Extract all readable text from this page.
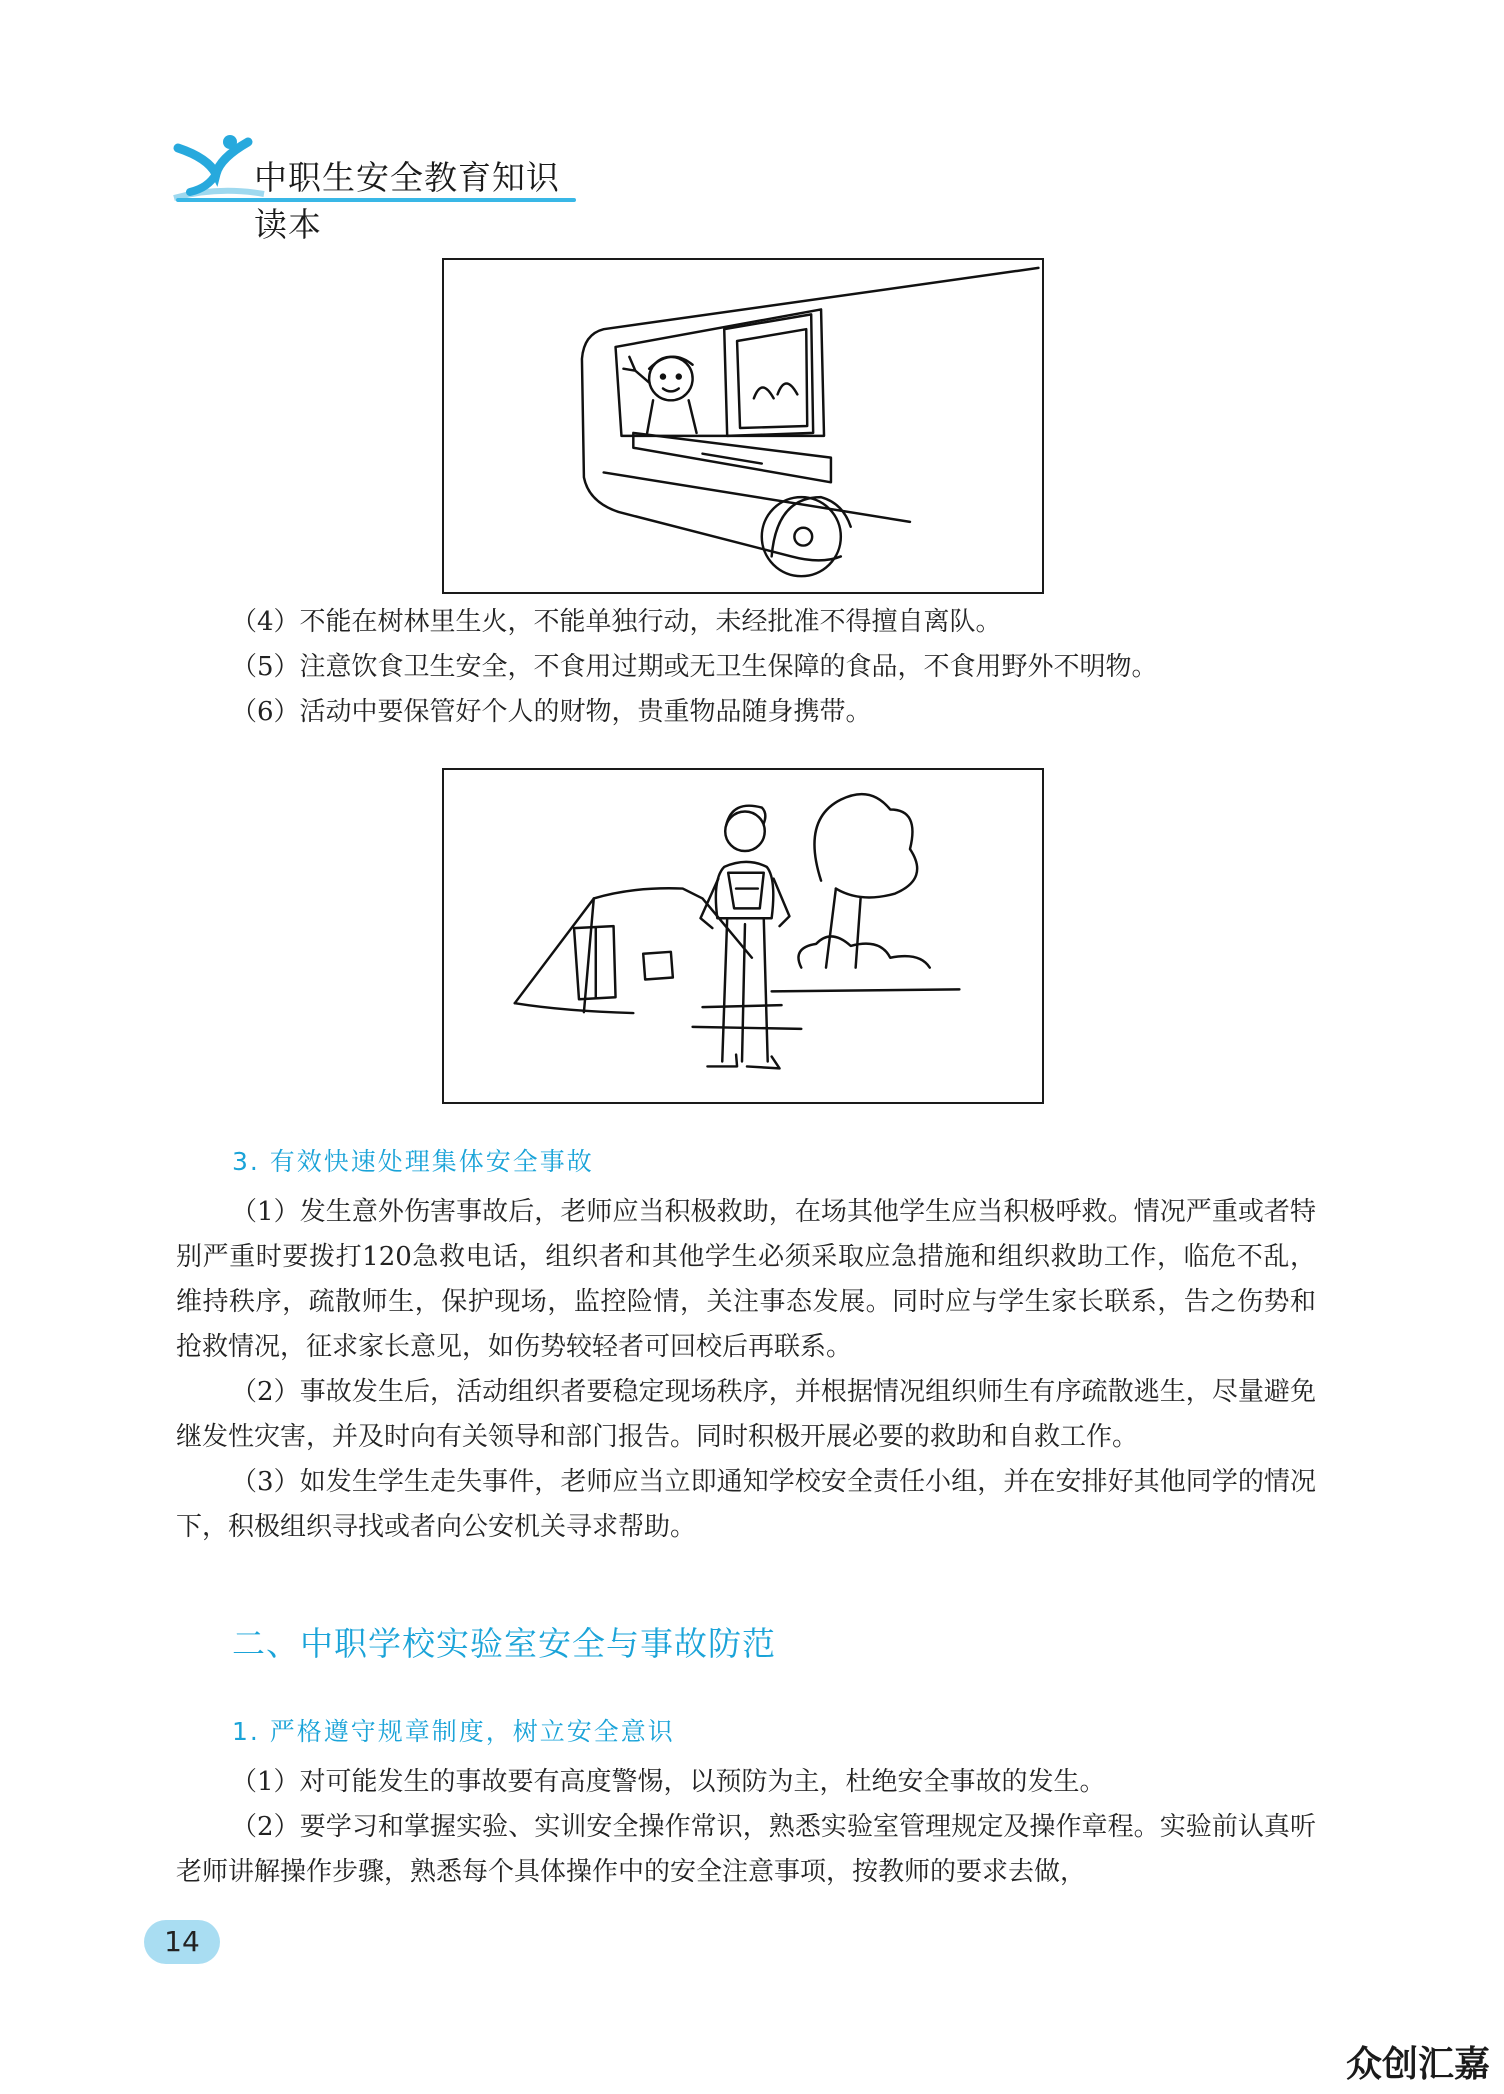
中职生安全教育知识读本
（4）不能在树林里生火，不能单独行动，未经批准不得擅自离队。
（5）注意饮食卫生安全，不食用过期或无卫生保障的食品，不食用野外不明物。
（6）活动中要保管好个人的财物，贵重物品随身携带。
3. 有效快速处理集体安全事故
（1）发生意外伤害事故后，老师应当积极救助，在场其他学生应当积极呼救。情况严重或者特别严重时要拨打120急救电话，组织者和其他学生必须采取应急措施和组织救助工作，临危不乱，维持秩序，疏散师生，保护现场，监控险情，关注事态发展。同时应与学生家长联系，告之伤势和抢救情况，征求家长意见，如伤势较轻者可回校后再联系。
（2）事故发生后，活动组织者要稳定现场秩序，并根据情况组织师生有序疏散逃生，尽量避免继发性灾害，并及时向有关领导和部门报告。同时积极开展必要的救助和自救工作。
（3）如发生学生走失事件，老师应当立即通知学校安全责任小组，并在安排好其他同学的情况下，积极组织寻找或者向公安机关寻求帮助。
二、中职学校实验室安全与事故防范
1. 严格遵守规章制度，树立安全意识
（1）对可能发生的事故要有高度警惕，以预防为主，杜绝安全事故的发生。
（2）要学习和掌握实验、实训安全操作常识，熟悉实验室管理规定及操作章程。实验前认真听老师讲解操作步骤，熟悉每个具体操作中的安全注意事项，按教师的要求去做，
14
众创汇嘉
